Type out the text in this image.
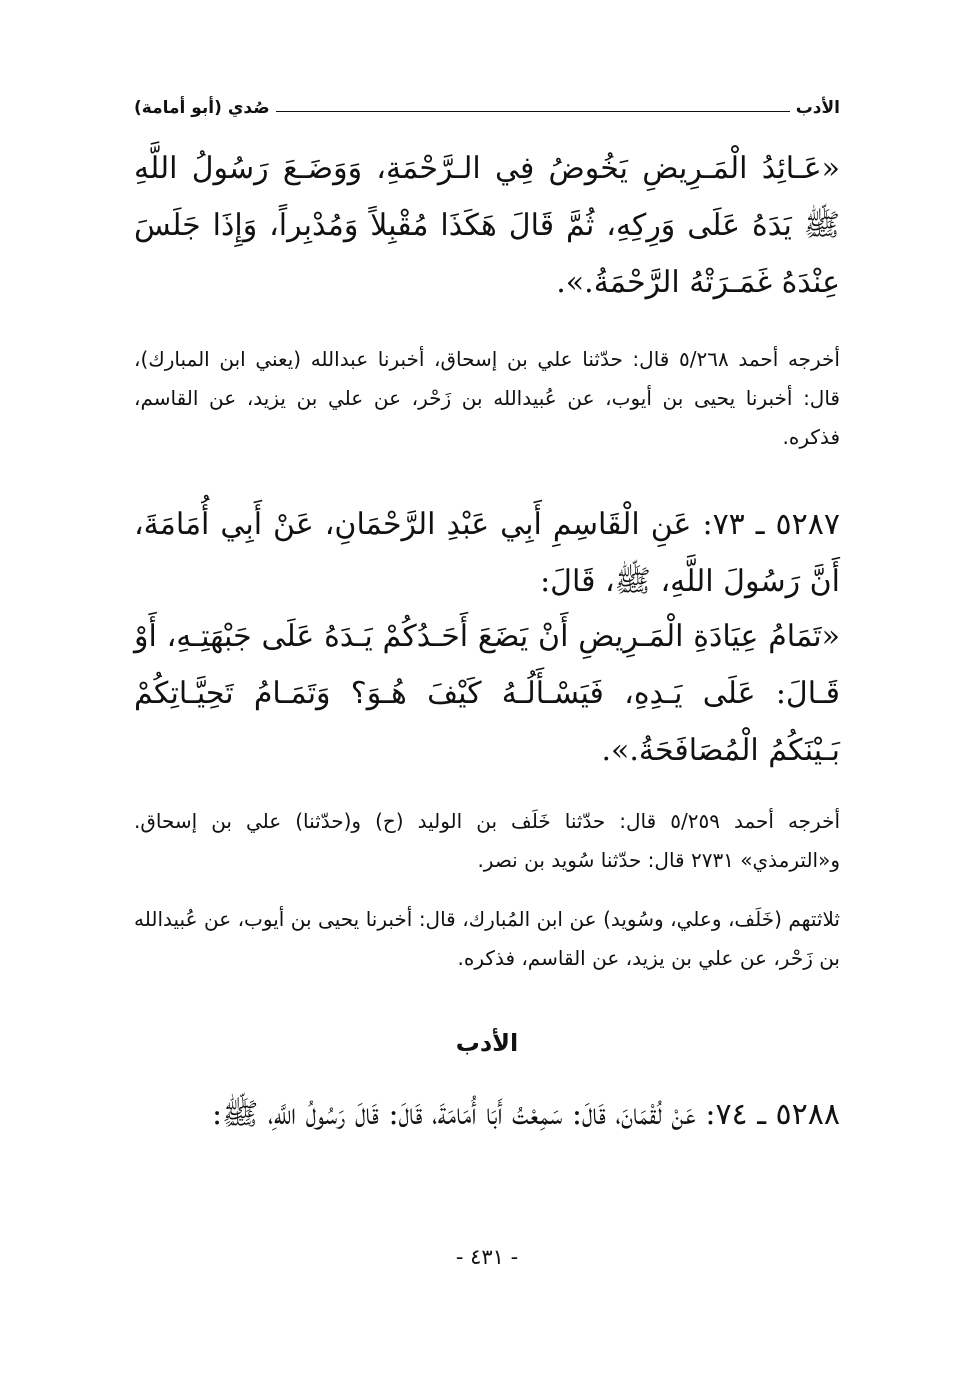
الأدب
صُدي (أبو أمامة)
«عَـائِدُ الْمَـرِيضِ يَخُوضُ فِي الـرَّحْمَةِ، وَوَضَـعَ رَسُولُ اللَّهِ ﷺ يَدَهُ عَلَى وَرِكِهِ، ثُمَّ قَالَ هَكَذَا مُقْبِلاً وَمُدْبِراً، وَإِذَا جَلَسَ عِنْدَهُ غَمَـرَتْهُ الرَّحْمَةُ.».
أخرجه أحمد ٥/٢٦٨ قال: حدّثنا علي بن إسحاق، أخبرنا عبدالله (يعني ابن المبارك)، قال: أخبرنا يحيى بن أيوب، عن عُبيدالله بن زَحْر، عن علي بن يزيد، عن القاسم، فذكره.
٥٢٨٧ ـ ٧٣: عَنِ الْقَاسِمِ أَبِي عَبْدِ الرَّحْمَانِ، عَنْ أَبِي أُمَامَةَ، أَنَّ رَسُولَ اللَّهِ، ﷺ، قَالَ:
«تَمَامُ عِيَادَةِ الْمَـرِيضِ أَنْ يَضَعَ أَحَـدُكُمْ يَـدَهُ عَلَى جَبْهَتِـهِ، أَوْ قَـالَ: عَلَى يَـدِهِ، فَيَسْـأَلُـهُ كَيْفَ هُـوَ؟ وَتَمَـامُ تَحِيَّـاتِكُمْ بَـيْنَكُمُ الْمُصَافَحَةُ.».
أخرجه أحمد ٥/٢٥٩ قال: حدّثنا خَلَف بن الوليد (ح) و(حدّثنا) علي بن إسحاق. و«الترمذي» ٢٧٣١ قال: حدّثنا سُويد بن نصر.
ثلاثتهم (خَلَف، وعلي، وسُويد) عن ابن المُبارك، قال: أخبرنا يحيى بن أيوب، عن عُبيدالله بن زَحْر، عن علي بن يزيد، عن القاسم، فذكره.
الأدب
٥٢٨٨ ـ ٧٤: عَنْ لُقْمَانَ، قَالَ: سَمِعْتُ أَبَا أُمَامَةَ، قَالَ: قَالَ رَسُولُ اللَّهِ، ﷺ:
- ٤٣١ -
